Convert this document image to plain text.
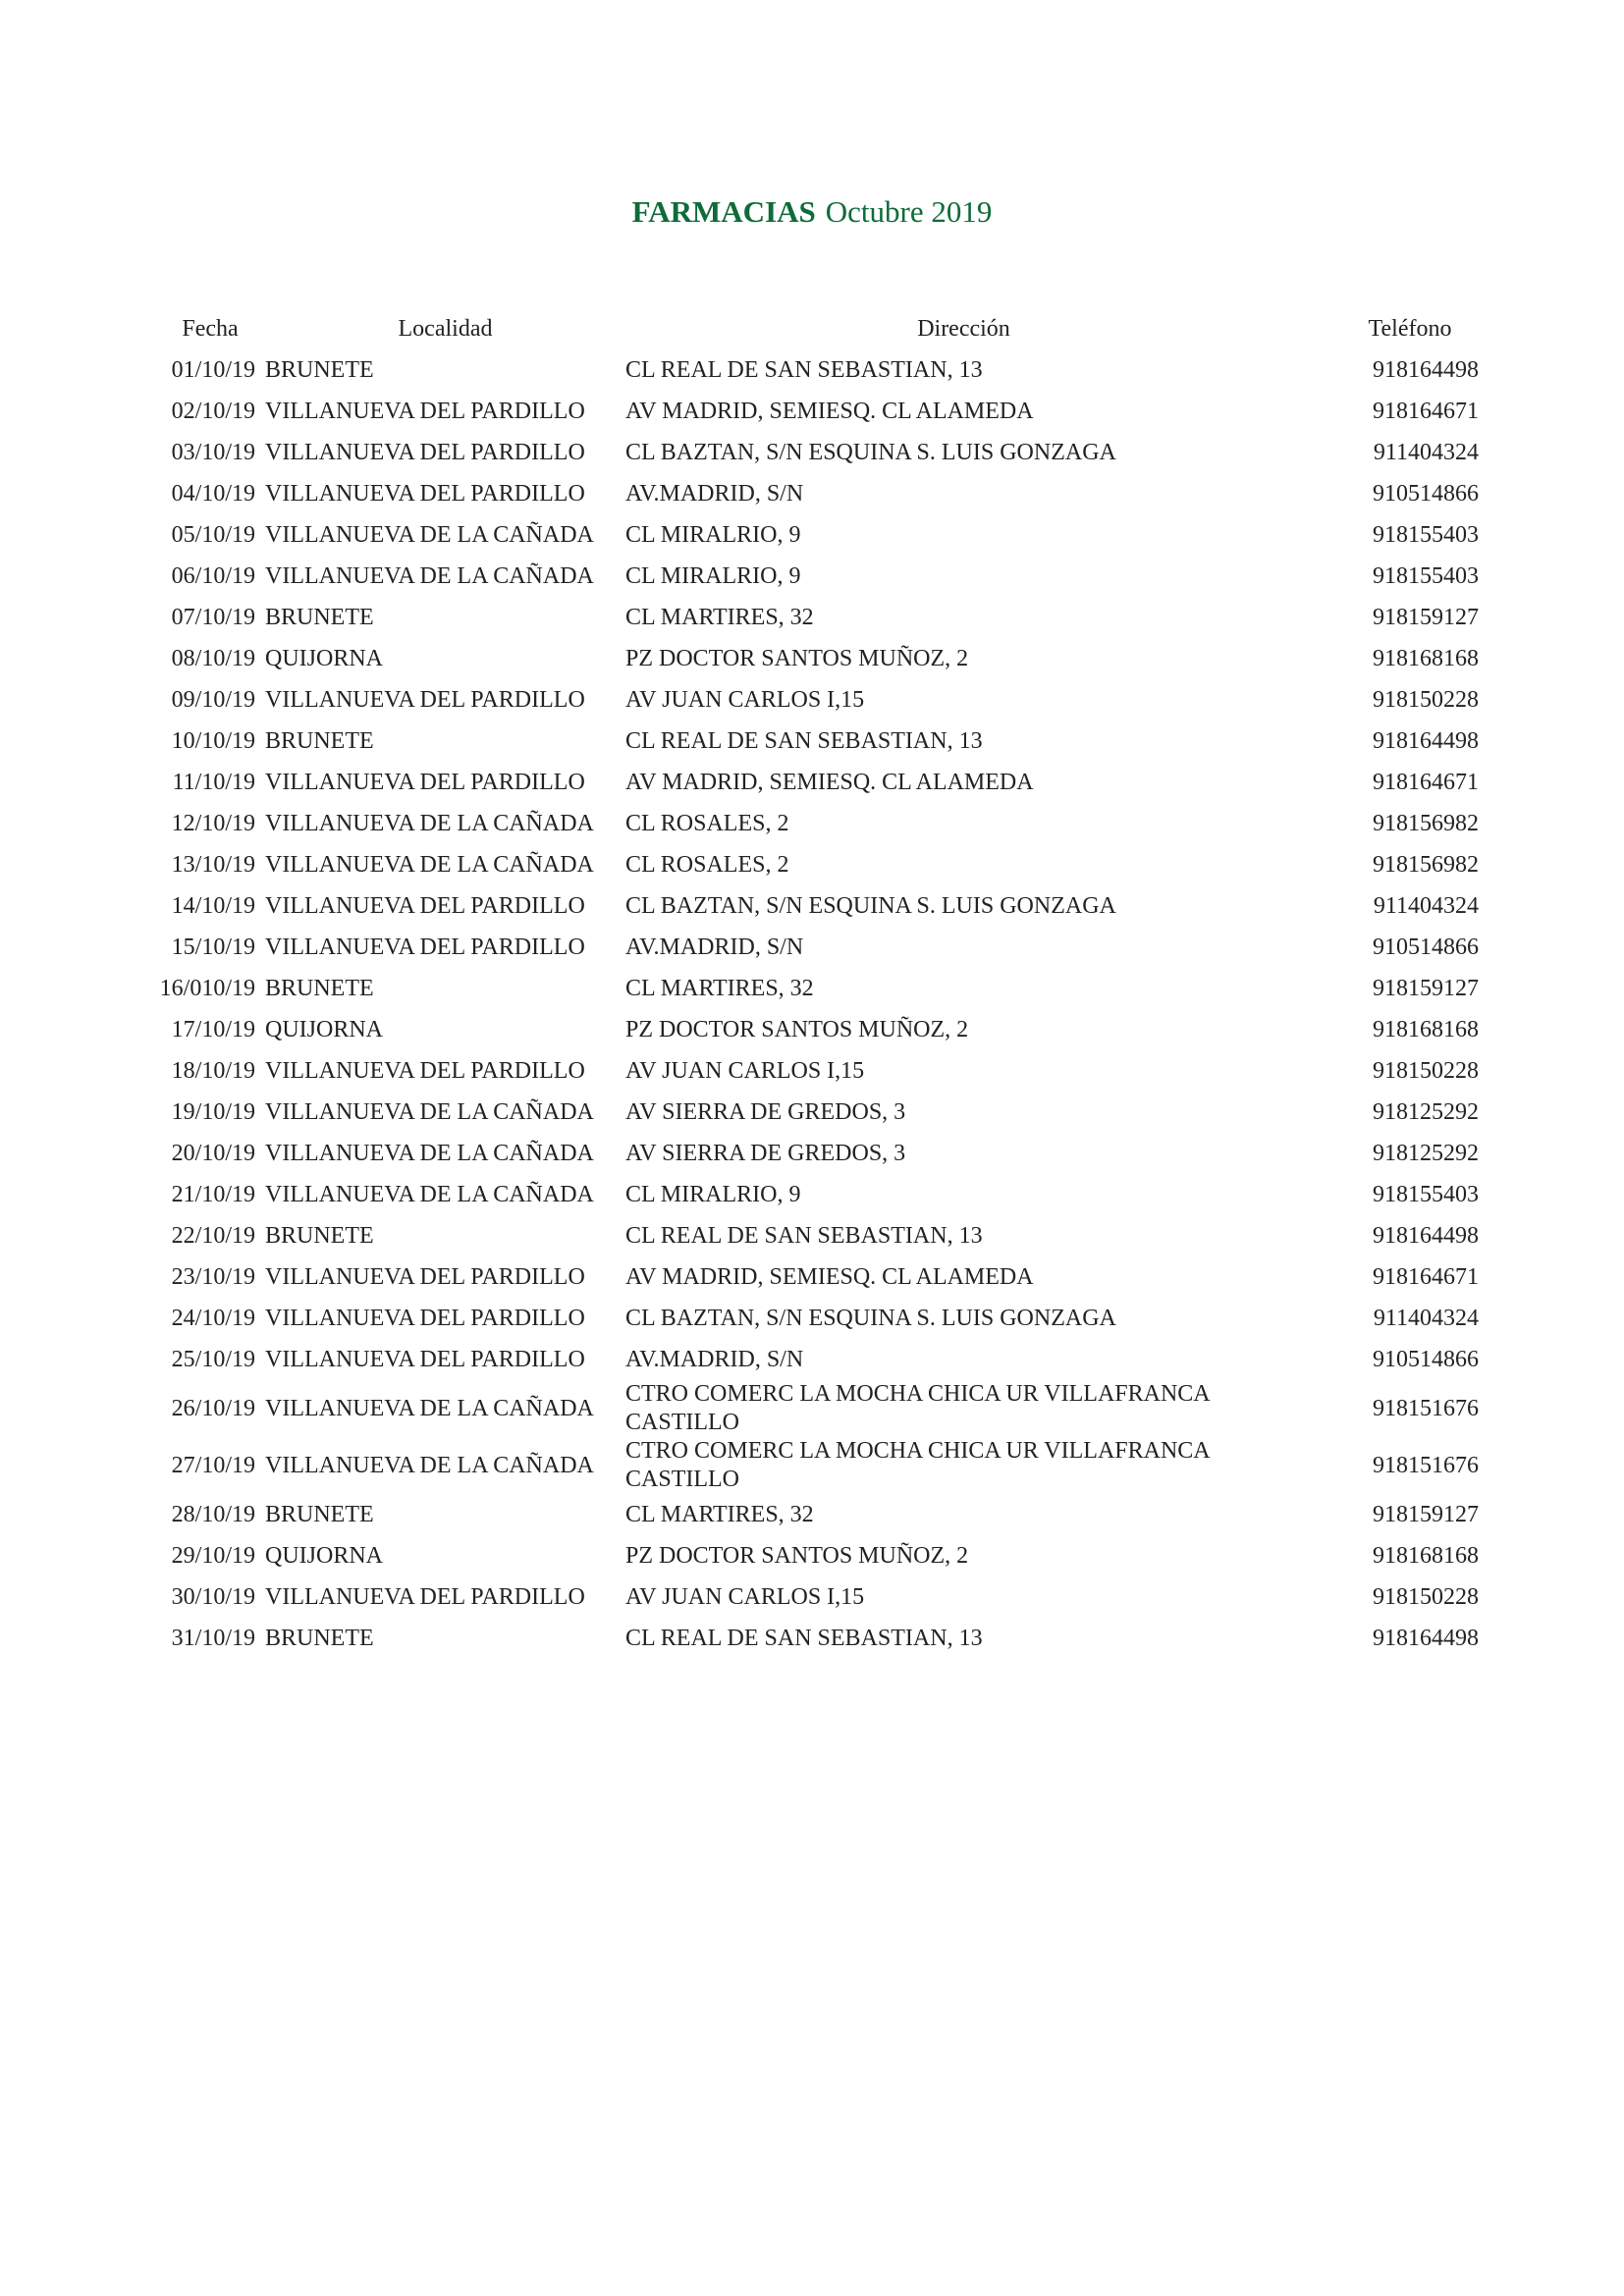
FARMACIAS Octubre 2019
Fecha	Localidad	Dirección	Teléfono
01/10/19	BRUNETE	CL REAL DE SAN SEBASTIAN, 13	918164498
02/10/19	VILLANUEVA DEL PARDILLO	AV MADRID, SEMIESQ. CL ALAMEDA	918164671
03/10/19	VILLANUEVA DEL PARDILLO	CL BAZTAN, S/N ESQUINA S. LUIS GONZAGA	911404324
04/10/19	VILLANUEVA DEL PARDILLO	AV.MADRID, S/N	910514866
05/10/19	VILLANUEVA DE LA CAÑADA	CL MIRALRIO, 9	918155403
06/10/19	VILLANUEVA DE LA CAÑADA	CL MIRALRIO, 9	918155403
07/10/19	BRUNETE	CL MARTIRES, 32	918159127
08/10/19	QUIJORNA	PZ DOCTOR SANTOS MUÑOZ, 2	918168168
09/10/19	VILLANUEVA DEL PARDILLO	AV JUAN CARLOS I,15	918150228
10/10/19	BRUNETE	CL REAL DE SAN SEBASTIAN, 13	918164498
11/10/19	VILLANUEVA DEL PARDILLO	AV MADRID, SEMIESQ. CL ALAMEDA	918164671
12/10/19	VILLANUEVA DE LA CAÑADA	CL ROSALES, 2	918156982
13/10/19	VILLANUEVA DE LA CAÑADA	CL ROSALES, 2	918156982
14/10/19	VILLANUEVA DEL PARDILLO	CL BAZTAN, S/N ESQUINA S. LUIS GONZAGA	911404324
15/10/19	VILLANUEVA DEL PARDILLO	AV.MADRID, S/N	910514866
16/010/19	BRUNETE	CL MARTIRES, 32	918159127
17/10/19	QUIJORNA	PZ DOCTOR SANTOS MUÑOZ, 2	918168168
18/10/19	VILLANUEVA DEL PARDILLO	AV JUAN CARLOS I,15	918150228
19/10/19	VILLANUEVA DE LA CAÑADA	AV SIERRA DE GREDOS, 3	918125292
20/10/19	VILLANUEVA DE LA CAÑADA	AV SIERRA DE GREDOS, 3	918125292
21/10/19	VILLANUEVA DE LA CAÑADA	CL MIRALRIO, 9	918155403
22/10/19	BRUNETE	CL REAL DE SAN SEBASTIAN, 13	918164498
23/10/19	VILLANUEVA DEL PARDILLO	AV MADRID, SEMIESQ. CL ALAMEDA	918164671
24/10/19	VILLANUEVA DEL PARDILLO	CL BAZTAN, S/N ESQUINA S. LUIS GONZAGA	911404324
25/10/19	VILLANUEVA DEL PARDILLO	AV.MADRID, S/N	910514866
26/10/19	VILLANUEVA DE LA CAÑADA	CTRO COMERC LA MOCHA CHICA UR VILLAFRANCA CASTILLO	918151676
27/10/19	VILLANUEVA DE LA CAÑADA	CTRO COMERC LA MOCHA CHICA UR VILLAFRANCA CASTILLO	918151676
28/10/19	BRUNETE	CL MARTIRES, 32	918159127
29/10/19	QUIJORNA	PZ DOCTOR SANTOS MUÑOZ, 2	918168168
30/10/19	VILLANUEVA DEL PARDILLO	AV JUAN CARLOS I,15	918150228
31/10/19	BRUNETE	CL REAL DE SAN SEBASTIAN, 13	918164498
